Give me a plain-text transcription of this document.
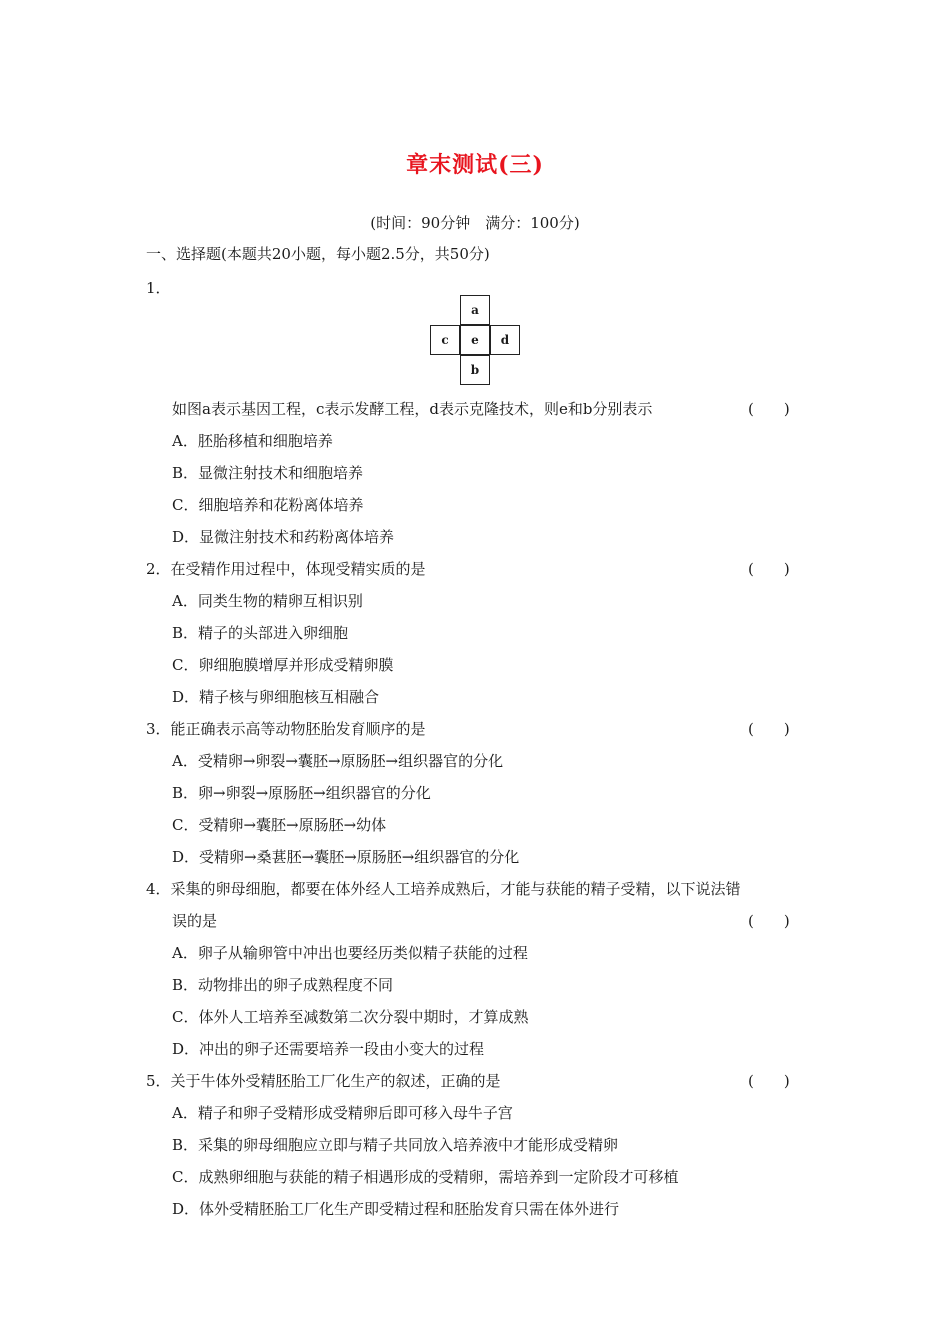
章末测试(三)
(时间：90分钟　满分：100分)
一、选择题(本题共20小题，每小题2.5分，共50分)
1．
a
c	e	d
b
如图a表示基因工程，c表示发酵工程，d表示克隆技术，则e和b分别表示	(　　)
A．胚胎移植和细胞培养
B．显微注射技术和细胞培养
C．细胞培养和花粉离体培养
D．显微注射技术和药粉离体培养
2．在受精作用过程中，体现受精实质的是	(　　)
A．同类生物的精卵互相识别
B．精子的头部进入卵细胞
C．卵细胞膜增厚并形成受精卵膜
D．精子核与卵细胞核互相融合
3．能正确表示高等动物胚胎发育顺序的是	(　　)
A．受精卵→卵裂→囊胚→原肠胚→组织器官的分化
B．卵→卵裂→原肠胚→组织器官的分化
C．受精卵→囊胚→原肠胚→幼体
D．受精卵→桑葚胚→囊胚→原肠胚→组织器官的分化
4．采集的卵母细胞，都要在体外经人工培养成熟后，才能与获能的精子受精，以下说法错
误的是	(　　)
A．卵子从输卵管中冲出也要经历类似精子获能的过程
B．动物排出的卵子成熟程度不同
C．体外人工培养至减数第二次分裂中期时，才算成熟
D．冲出的卵子还需要培养一段由小变大的过程
5．关于牛体外受精胚胎工厂化生产的叙述，正确的是	(　　)
A．精子和卵子受精形成受精卵后即可移入母牛子宫
B．采集的卵母细胞应立即与精子共同放入培养液中才能形成受精卵
C．成熟卵细胞与获能的精子相遇形成的受精卵，需培养到一定阶段才可移植
D．体外受精胚胎工厂化生产即受精过程和胚胎发育只需在体外进行
